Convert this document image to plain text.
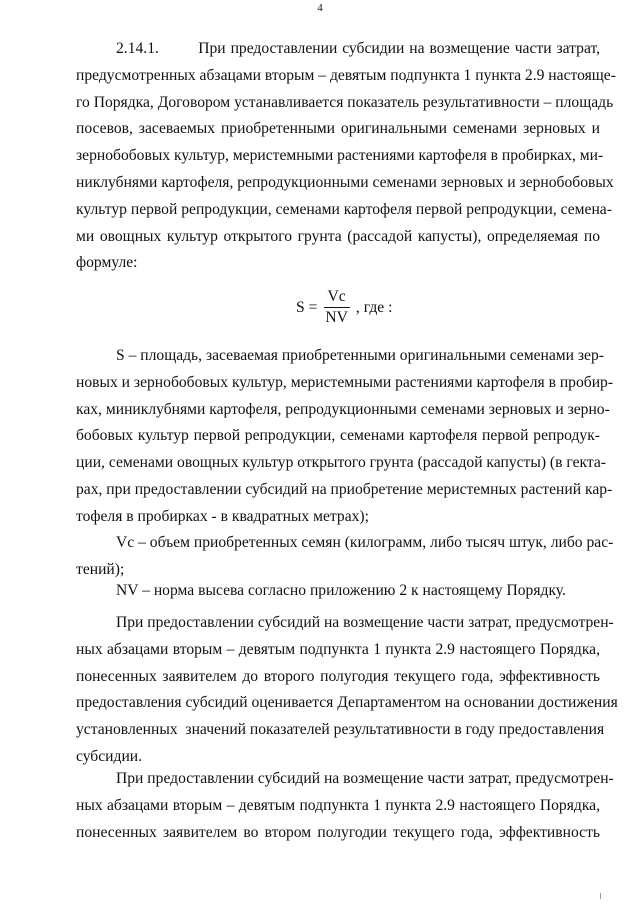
4
2.14.1.        При предоставлении субсидии на возмещение части затрат,
предусмотренных абзацами вторым – девятым подпункта 1 пункта 2.9 настояще-
го Порядка, Договором устанавливается показатель результативности – площадь
посевов, засеваемых приобретенными оригинальными семенами зерновых и
зернобобовых культур, меристемными растениями картофеля в пробирках, ми-
никлубнями картофеля, репродукционными семенами зерновых и зернобобовых
культур первой репродукции, семенами картофеля первой репродукции, семена-
ми овощных культур открытого грунта (рассадой капусты), определяемая по
формуле:
$S = \frac{Vc}{NV}$ , где :
S – площадь, засеваемая приобретенными оригинальными семенами зер-
новых и зернобобовых культур, меристемными растениями картофеля в пробир-
ках, миниклубнями картофеля, репродукционными семенами зерновых и зерно-
бобовых культур первой репродукции, семенами картофеля первой репродук-
ции, семенами овощных культур открытого грунта (рассадой капусты) (в гекта-
рах, при предоставлении субсидий на приобретение меристемных растений кар-
тофеля в пробирках - в квадратных метрах);
Vc – объем приобретенных семян (килограмм, либо тысяч штук, либо рас-
тений);
NV – норма высева согласно приложению 2 к настоящему Порядку.
При предоставлении субсидий на возмещение части затрат, предусмотрен-
ных абзацами вторым – девятым подпункта 1 пункта 2.9 настоящего Порядка,
понесенных заявителем до второго полугодия текущего года, эффективность
предоставления субсидий оценивается Департаментом на основании достижения
установленных  значений показателей результативности в году предоставления
субсидии.
При предоставлении субсидий на возмещение части затрат, предусмотрен-
ных абзацами вторым – девятым подпункта 1 пункта 2.9 настоящего Порядка,
понесенных заявителем во втором полугодии текущего года, эффективность
